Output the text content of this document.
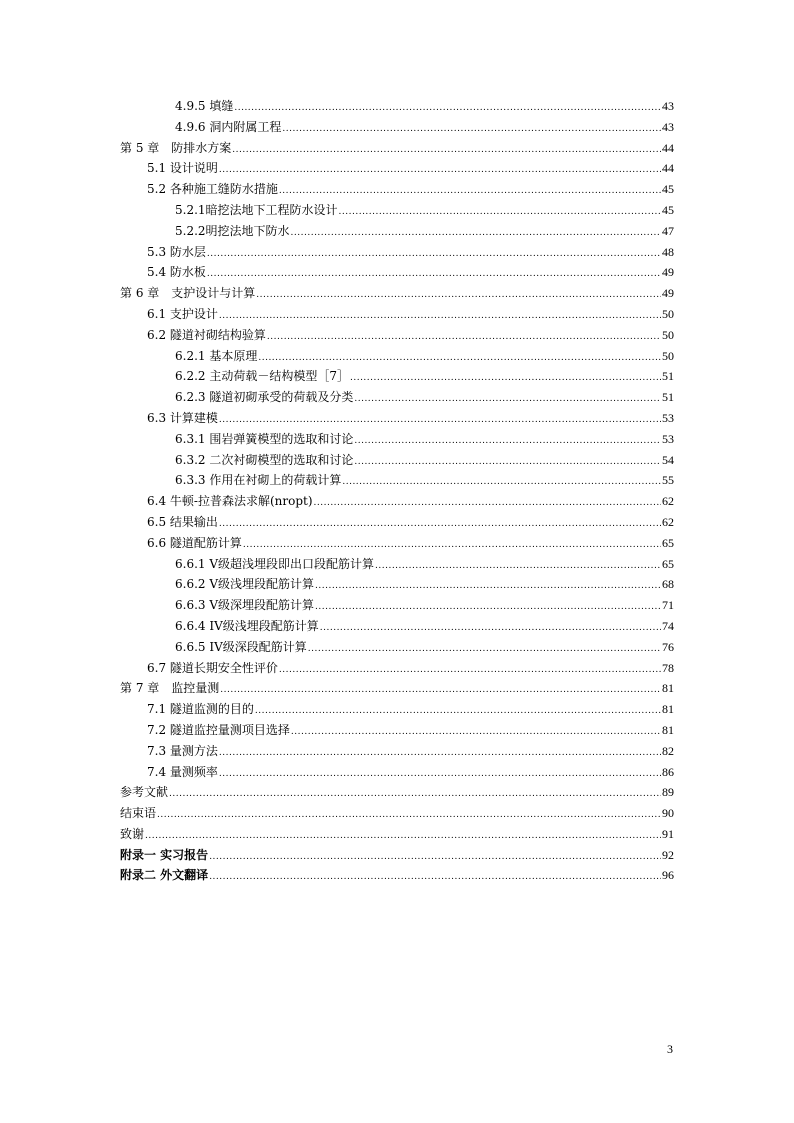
4.9.5 填缝 .....	43
4.9.6 洞内附属工程 .....	43
第 5 章　防排水方案 .....	44
5.1 设计说明 .....	44
5.2 各种施工缝防水措施 .....	45
5.2.1暗挖法地下工程防水设计 .....	45
5.2.2明挖法地下防水 .....	47
5.3 防水层 .....	48
5.4 防水板 .....	49
第 6 章　支护设计与计算 .....	49
6.1 支护设计 .....	50
6.2 隧道衬砌结构验算 .....	50
6.2.1 基本原理 .....	50
6.2.2 主动荷载－结构模型［7］ .....	51
6.2.3 隧道初砌承受的荷载及分类 .....	51
6.3 计算建模 .....	53
6.3.1 围岩弹簧模型的选取和讨论 .....	53
6.3.2 二次衬砌模型的选取和讨论 .....	54
6.3.3 作用在衬砌上的荷载计算 .....	55
6.4 牛顿-拉普森法求解(nropt) .....	62
6.5 结果输出 .....	62
6.6 隧道配筋计算 .....	65
6.6.1 V级超浅埋段即出口段配筋计算 .....	65
6.6.2 V级浅埋段配筋计算 .....	68
6.6.3 V级深埋段配筋计算 .....	71
6.6.4 IV级浅埋段配筋计算 .....	74
6.6.5 IV级深段配筋计算 .....	76
6.7 隧道长期安全性评价 .....	78
第 7 章　监控量测 .....	81
7.1 隧道监测的目的 .....	81
7.2 隧道监控量测项目选择 .....	81
7.3 量测方法 .....	82
7.4 量测频率 .....	86
参考文献 .....	89
结束语 .....	90
致谢 .....	91
附录一 实习报告 .....	92
附录二 外文翻译 .....	96
3
